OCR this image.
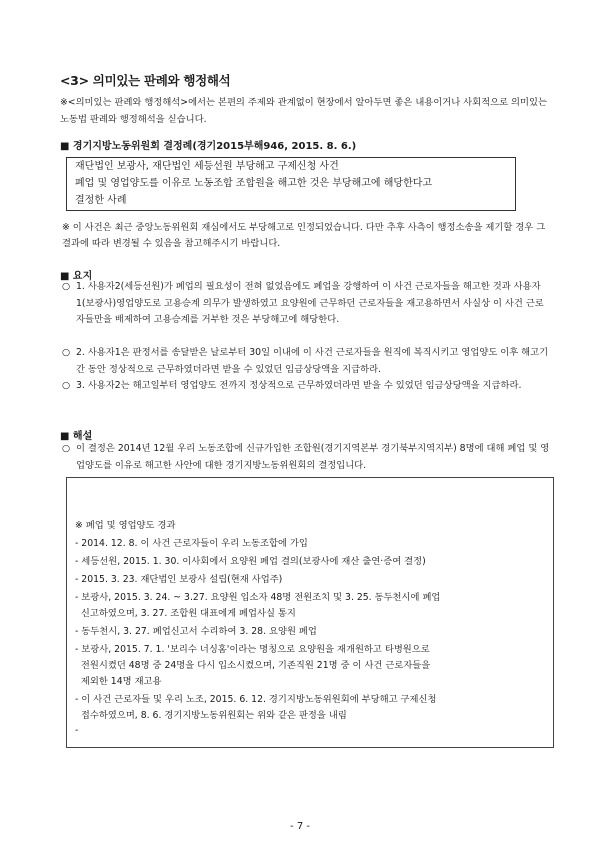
<3> 의미있는 판례와 행정해석
※<의미있는 판례와 행정해석>에서는 본편의 주제와 관계없이 현장에서 알아두면 좋은 내용이거나 사회적으로 의미있는 노동법 판례와 행정해석을 싣습니다.
■ 경기지방노동위원회 결정례(경기2015부해946, 2015. 8. 6.)
재단법인 보광사, 재단법인 세등선원 부당해고 구제신청 사건
폐업 및 영업양도를 이유로 노동조합 조합원을 해고한 것은 부당해고에 해당한다고
결정한 사례
※ 이 사건은 최근 중앙노동위원회 재심에서도 부당해고로 인정되었습니다. 다만 추후 사측이 행정소송을 제기할 경우 그 결과에 따라 변경될 수 있음을 참고해주시기 바랍니다.
■ 요지
○ 1. 사용자2(세등선원)가 폐업의 필요성이 전혀 없었음에도 폐업을 강행하여 이 사건 근로자들을 해고한 것과 사용자1(보광사)영업양도로 고용승계 의무가 발생하였고 요양원에 근무하던 근로자들을 재고용하면서 사실상 이 사건 근로자들만을 배제하여 고용승계를 거부한 것은 부당해고에 해당한다.
○ 2. 사용자1은 판정서를 송달받은 날로부터 30일 이내에 이 사건 근로자들을 원직에 복직시키고 영업양도 이후 해고기간 동안 정상적으로 근무하였더라면 받을 수 있었던 임금상당액을 지급하라.
○ 3. 사용자2는 해고일부터 영업양도 전까지 정상적으로 근무하였더라면 받을 수 있었던 임금상당액을 지급하라.
■ 해설
○ 이 결정은 2014년 12월 우리 노동조합에 신규가입한 조합원(경기지역본부 경기북부지역지부) 8명에 대해 폐업 및 영업양도를 이유로 해고한 사안에 대한 경기지방노동위원회의 결정입니다.
※ 폐업 및 영업양도 경과
- 2014. 12. 8. 이 사건 근로자들이 우리 노동조합에 가입
- 세등선원, 2015. 1. 30. 이사회에서 요양원 폐업 결의(보광사에 재산 출연·증여 결정)
- 2015. 3. 23. 재단법인 보광사 설립(현재 사업주)
- 보광사, 2015. 3. 24. ~ 3.27. 요양원 입소자 48명 전원조치 및 3. 25. 동두천시에 폐업
신고하였으며, 3. 27. 조합원 대표에게 폐업사실 통지
- 동두천시, 3. 27. 폐업신고서 수리하여 3. 28. 요양원 폐업
- 보광사, 2015. 7. 1. '보리수 너싱홈'이라는 명칭으로 요양원을 재개원하고 타병원으로
전원시켰던 48명 중 24명을 다시 입소시켰으며, 기존직원 21명 중 이 사건 근로자들을
제외한 14명 재고용
- 이 사건 근로자들 및 우리 노조, 2015. 6. 12. 경기지방노동위원회에 부당해고 구제신청
접수하였으며, 8. 6. 경기지방노동위원회는 위와 같은 판정을 내림
-
- 7 -
